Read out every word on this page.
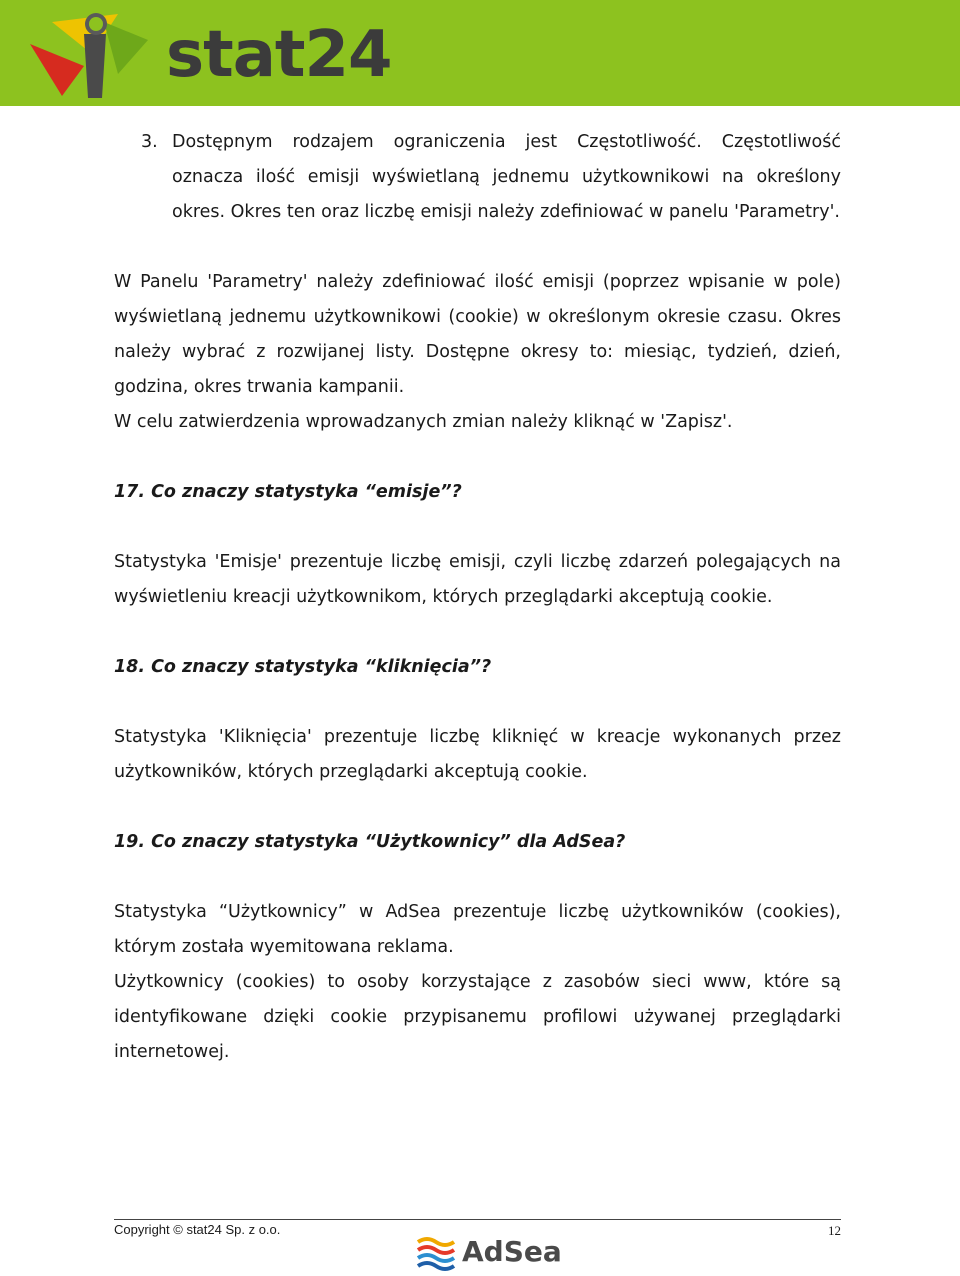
stat24

3. Dostępnym rodzajem ograniczenia jest Częstotliwość. Częstotliwość oznacza ilość emisji wyświetlaną jednemu użytkownikowi na określony okres. Okres ten oraz liczbę emisji należy zdefiniować w panelu 'Parametry'.

W Panelu 'Parametry' należy zdefiniować ilość emisji (poprzez wpisanie w pole) wyświetlaną jednemu użytkownikowi (cookie) w określonym okresie czasu. Okres należy wybrać z rozwijanej listy. Dostępne okresy to: miesiąc, tydzień, dzień, godzina, okres trwania kampanii.

W celu zatwierdzenia wprowadzanych zmian należy kliknąć w 'Zapisz'.

17. Co znaczy statystyka “emisje”?

Statystyka 'Emisje' prezentuje liczbę emisji, czyli liczbę zdarzeń polegających na wyświetleniu kreacji użytkownikom, których przeglądarki akceptują cookie.

18. Co znaczy statystyka “kliknięcia”?

Statystyka 'Kliknięcia' prezentuje liczbę kliknięć w kreacje wykonanych przez użytkowników, których przeglądarki akceptują cookie.

19. Co znaczy statystyka “Użytkownicy” dla AdSea?

Statystyka “Użytkownicy” w AdSea prezentuje liczbę użytkowników (cookies), którym została wyemitowana reklama.

Użytkownicy (cookies) to osoby korzystające z zasobów sieci www, które są identyfikowane dzięki cookie przypisanemu profilowi używanej przeglądarki internetowej.

Copyright © stat24 Sp. z o.o.	12
AdSea
